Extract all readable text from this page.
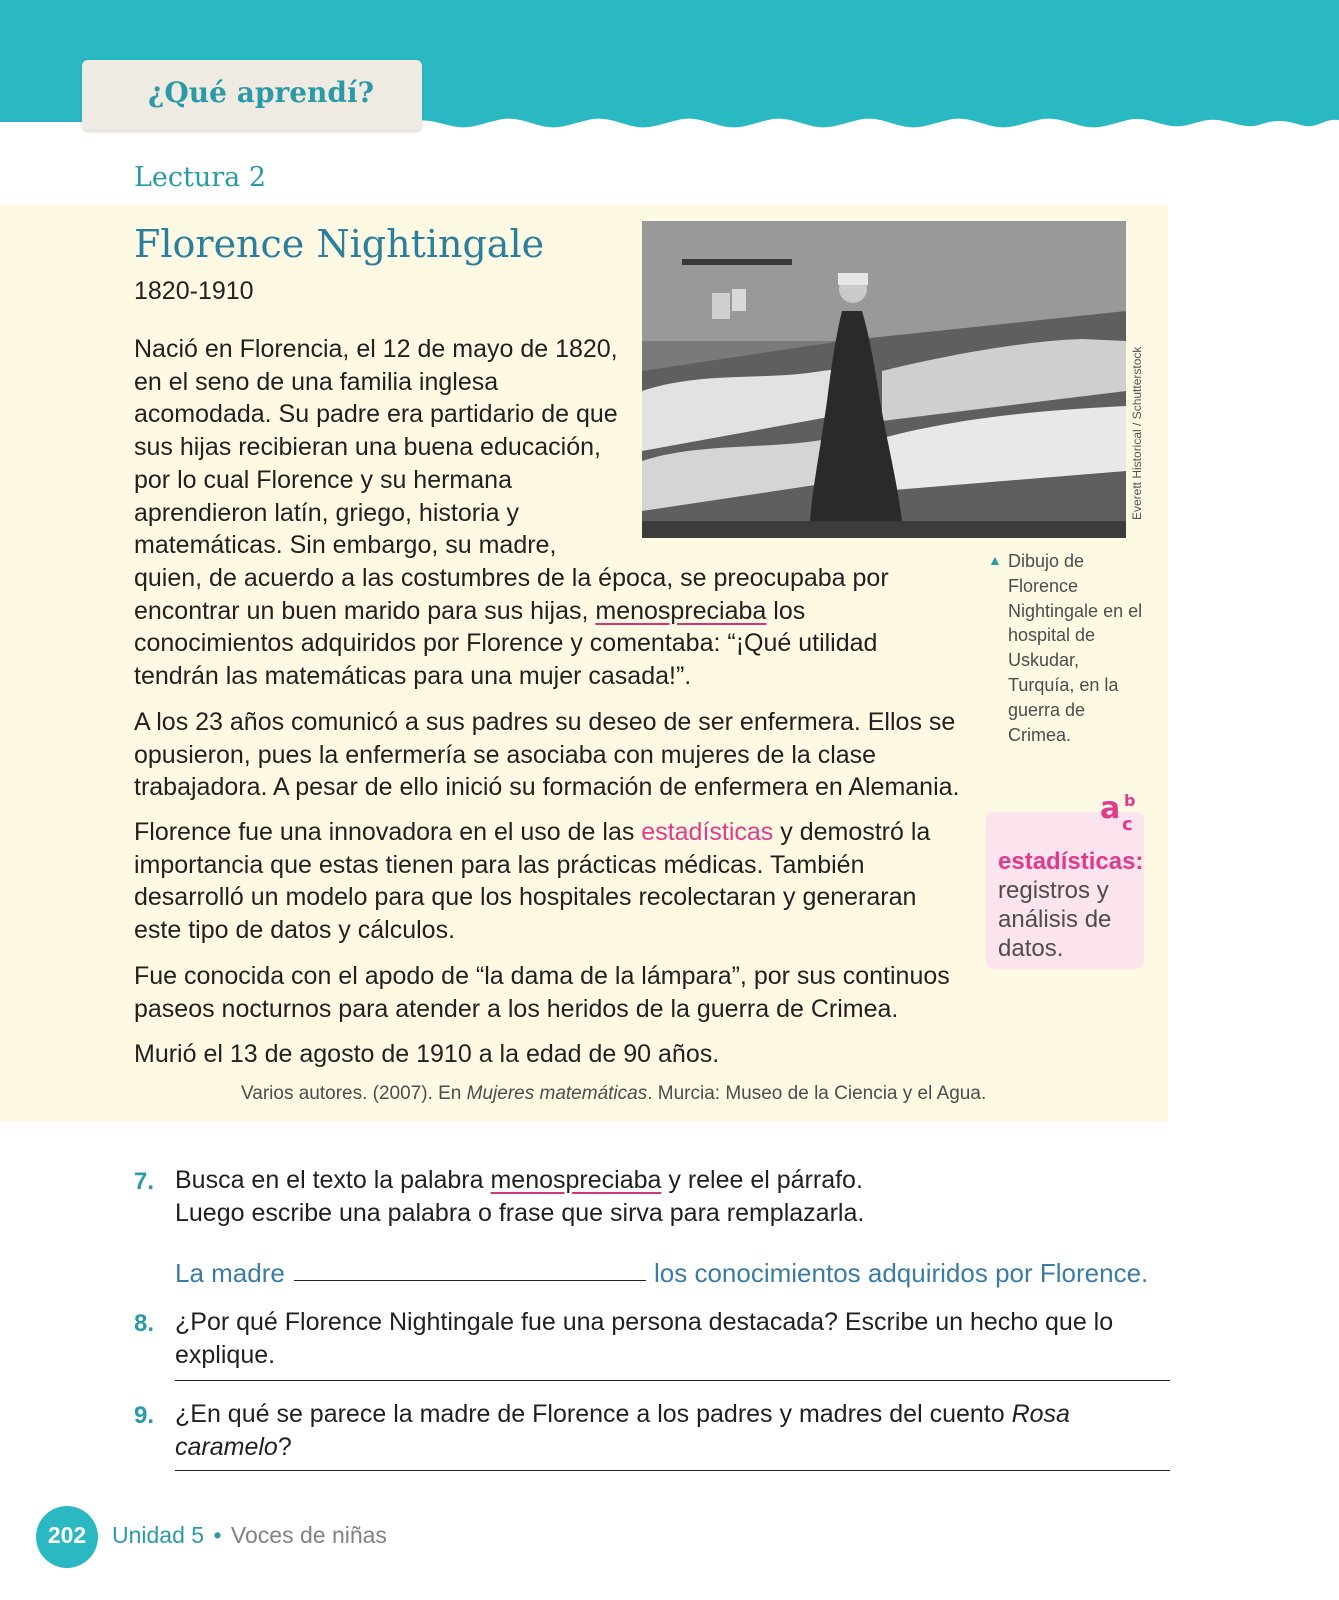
¿Qué aprendí?
Lectura 2
Florence Nightingale
1820-1910
Everett Historical / Schutterstock
▲ Dibujo de Florence Nightingale en el hospital de Uskudar, Turquía, en la guerra de Crimea.
Nació en Florencia, el 12 de mayo de 1820, en el seno de una familia inglesa acomodada. Su padre era partidario de que sus hijas recibieran una buena educación, por lo cual Florence y su hermana aprendieron latín, griego, historia y matemáticas. Sin embargo, su madre,
quien, de acuerdo a las costumbres de la época, se preocupaba por encontrar un buen marido para sus hijas, menospreciaba los conocimientos adquiridos por Florence y comentaba: “¡Qué utilidad tendrán las matemáticas para una mujer casada!”.
A los 23 años comunicó a sus padres su deseo de ser enfermera. Ellos se opusieron, pues la enfermería se asociaba con mujeres de la clase trabajadora. A pesar de ello inició su formación de enfermera en Alemania.
Florence fue una innovadora en el uso de las estadísticas y demostró la importancia que estas tienen para las prácticas médicas. También desarrolló un modelo para que los hospitales recolectaran y generaran este tipo de datos y cálculos.
Fue conocida con el apodo de “la dama de la lámpara”, por sus continuos paseos nocturnos para atender a los heridos de la guerra de Crimea.
Murió el 13 de agosto de 1910 a la edad de 90 años.
Varios autores. (2007). En Mujeres matemáticas. Murcia: Museo de la Ciencia y el Agua.
a b
c
estadísticas:
registros y análisis de datos.
7. Busca en el texto la palabra menospreciaba y relee el párrafo. Luego escribe una palabra o frase que sirva para remplazarla.
La madre	los conocimientos adquiridos por Florence.
8. ¿Por qué Florence Nightingale fue una persona destacada? Escribe un hecho que lo explique.
9. ¿En qué se parece la madre de Florence a los padres y madres del cuento Rosa caramelo?
202	Unidad 5 • Voces de niñas
